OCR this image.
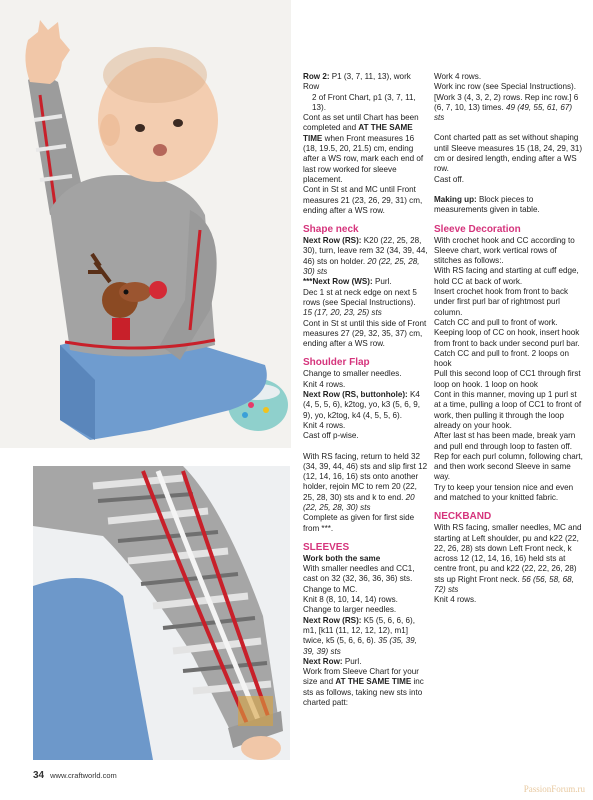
Row 2: P1 (3, 7, 11, 13), work Row

2 of Front Chart, p1 (3, 7, 11, 13).

Cont as set until Chart has been completed and AT THE SAME TIME when Front measures 16 (18, 19.5, 20, 21.5) cm, ending after a WS row, mark each end of last row worked for sleeve placement.

Cont in St st and MC until Front measures 21 (23, 26, 29, 31) cm, ending after a WS row.

Shape neck

Next Row (RS): K20 (22, 25, 28, 30), turn, leave rem 32 (34, 39, 44, 46) sts on holder. 20 (22, 25, 28, 30) sts

***Next Row (WS): Purl.

Dec 1 st at neck edge on next 5 rows (see Special Instructions).

15 (17, 20, 23, 25) sts

Cont in St st until this side of Front measures 27 (29, 32, 35, 37) cm, ending after a WS row.

Shoulder Flap

Change to smaller needles.

Knit 4 rows.

Next Row (RS, buttonhole): K4 (4, 5, 5, 6), k2tog, yo, k3 (5, 6, 9, 9), yo, k2tog, k4 (4, 5, 5, 6).

Knit 4 rows.

Cast off p-wise.

With RS facing, return to held 32 (34, 39, 44, 46) sts and slip first 12 (12, 14, 16, 16) sts onto another holder, rejoin MC to rem 20 (22, 25, 28, 30) sts and k to end. 20 (22, 25, 28, 30) sts

Complete as given for first side from ***.

SLEEVES

Work both the same

With smaller needles and CC1, cast on 32 (32, 36, 36, 36) sts.

Change to MC.

Knit 8 (8, 10, 14, 14) rows.

Change to larger needles.

Next Row (RS): K5 (5, 6, 6, 6), m1, [k11 (11, 12, 12, 12), m1] twice, k5 (5, 6, 6, 6). 35 (35, 39, 39, 39) sts

Next Row: Purl.

Work from Sleeve Chart for your size and AT THE SAME TIME inc sts as follows, taking new sts into charted patt:

Work 4 rows.

Work inc row (see Special Instructions).

[Work 3 (4, 3, 2, 2) rows. Rep inc row.] 6 (6, 7, 10, 13) times. 49 (49, 55, 61, 67) sts

Cont charted patt as set without shaping until Sleeve measures 15 (18, 24, 29, 31) cm or desired length, ending after a WS row.

Cast off.

Making up: Block pieces to measurements given in table.

Sleeve Decoration

With crochet hook and CC according to Sleeve chart, work vertical rows of stitches as follows:.

With RS facing and starting at cuff edge, hold CC at back of work.

Insert crochet hook from front to back under first purl bar of rightmost purl column.

Catch CC and pull to front of work.

Keeping loop of CC on hook, insert hook from front to back under second purl bar.

Catch CC and pull to front. 2 loops on hook

Pull this second loop of CC1 through first loop on hook. 1 loop on hook

Cont in this manner, moving up 1 purl st at a time, pulling a loop of CC1 to front of work, then pulling it through the loop already on your hook.

After last st has been made, break yarn and pull end through loop to fasten off.

Rep for each purl column, following chart, and then work second Sleeve in same way.

Try to keep your tension nice and even and matched to your knitted fabric.

NECKBAND

With RS facing, smaller needles, MC and starting at Left shoulder, pu and k22 (22, 22, 26, 28) sts down Left Front neck, k across 12 (12, 14, 16, 16) held sts at centre front, pu and k22 (22, 22, 26, 28) sts up Right Front neck. 56 (56, 58, 68, 72) sts

Knit 4 rows.

34 www.craftworld.com
PassionForum.ru
